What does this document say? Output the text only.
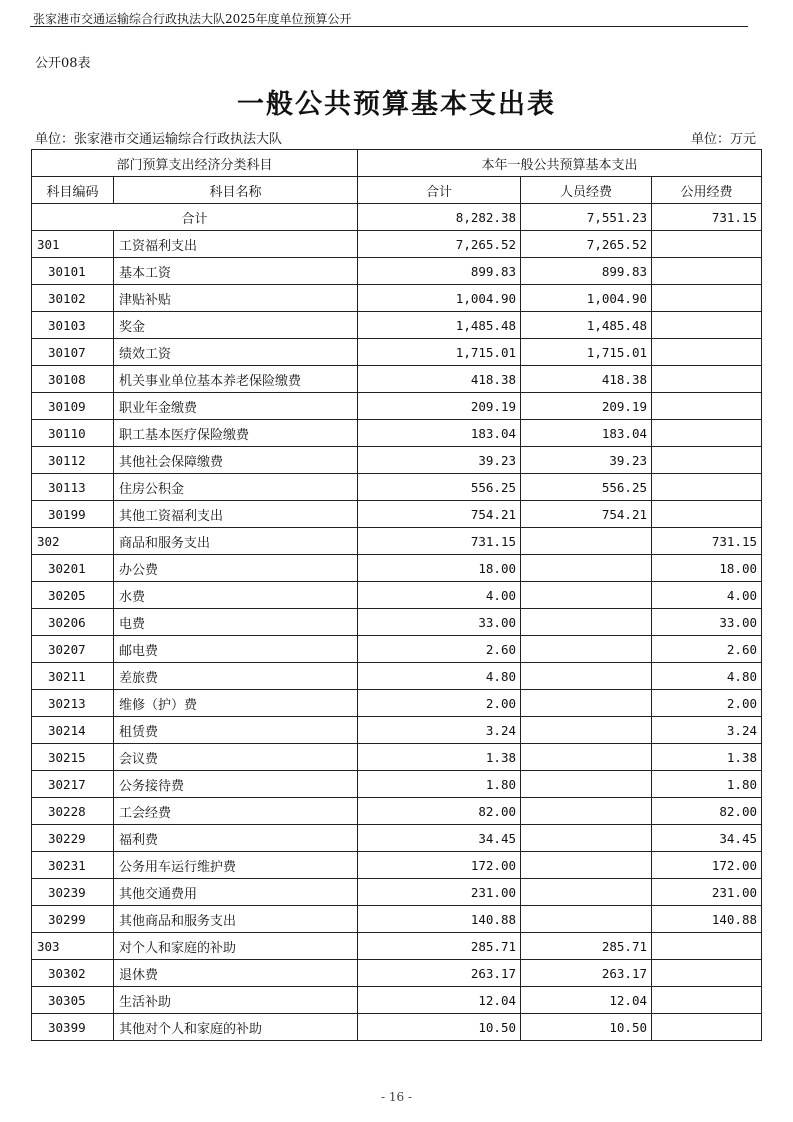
张家港市交通运输综合行政执法大队2025年度单位预算公开
公开08表
一般公共预算基本支出表
单位：张家港市交通运输综合行政执法大队	单位：万元
部门预算支出经济分类科目		本年一般公共预算基本支出		
科目编码	科目名称	合计	人员经费	公用经费
合计		8,282.38	7,551.23	731.15
301	工资福利支出	7,265.52	7,265.52	
30101	基本工资	899.83	899.83	
30102	津贴补贴	1,004.90	1,004.90	
30103	奖金	1,485.48	1,485.48	
30107	绩效工资	1,715.01	1,715.01	
30108	机关事业单位基本养老保险缴费	418.38	418.38	
30109	职业年金缴费	209.19	209.19	
30110	职工基本医疗保险缴费	183.04	183.04	
30112	其他社会保障缴费	39.23	39.23	
30113	住房公积金	556.25	556.25	
30199	其他工资福利支出	754.21	754.21	
302	商品和服务支出	731.15		731.15
30201	办公费	18.00		18.00
30205	水费	4.00		4.00
30206	电费	33.00		33.00
30207	邮电费	2.60		2.60
30211	差旅费	4.80		4.80
30213	维修（护）费	2.00		2.00
30214	租赁费	3.24		3.24
30215	会议费	1.38		1.38
30217	公务接待费	1.80		1.80
30228	工会经费	82.00		82.00
30229	福利费	34.45		34.45
30231	公务用车运行维护费	172.00		172.00
30239	其他交通费用	231.00		231.00
30299	其他商品和服务支出	140.88		140.88
303	对个人和家庭的补助	285.71	285.71	
30302	退休费	263.17	263.17	
30305	生活补助	12.04	12.04	
30399	其他对个人和家庭的补助	10.50	10.50	
- 16 -
